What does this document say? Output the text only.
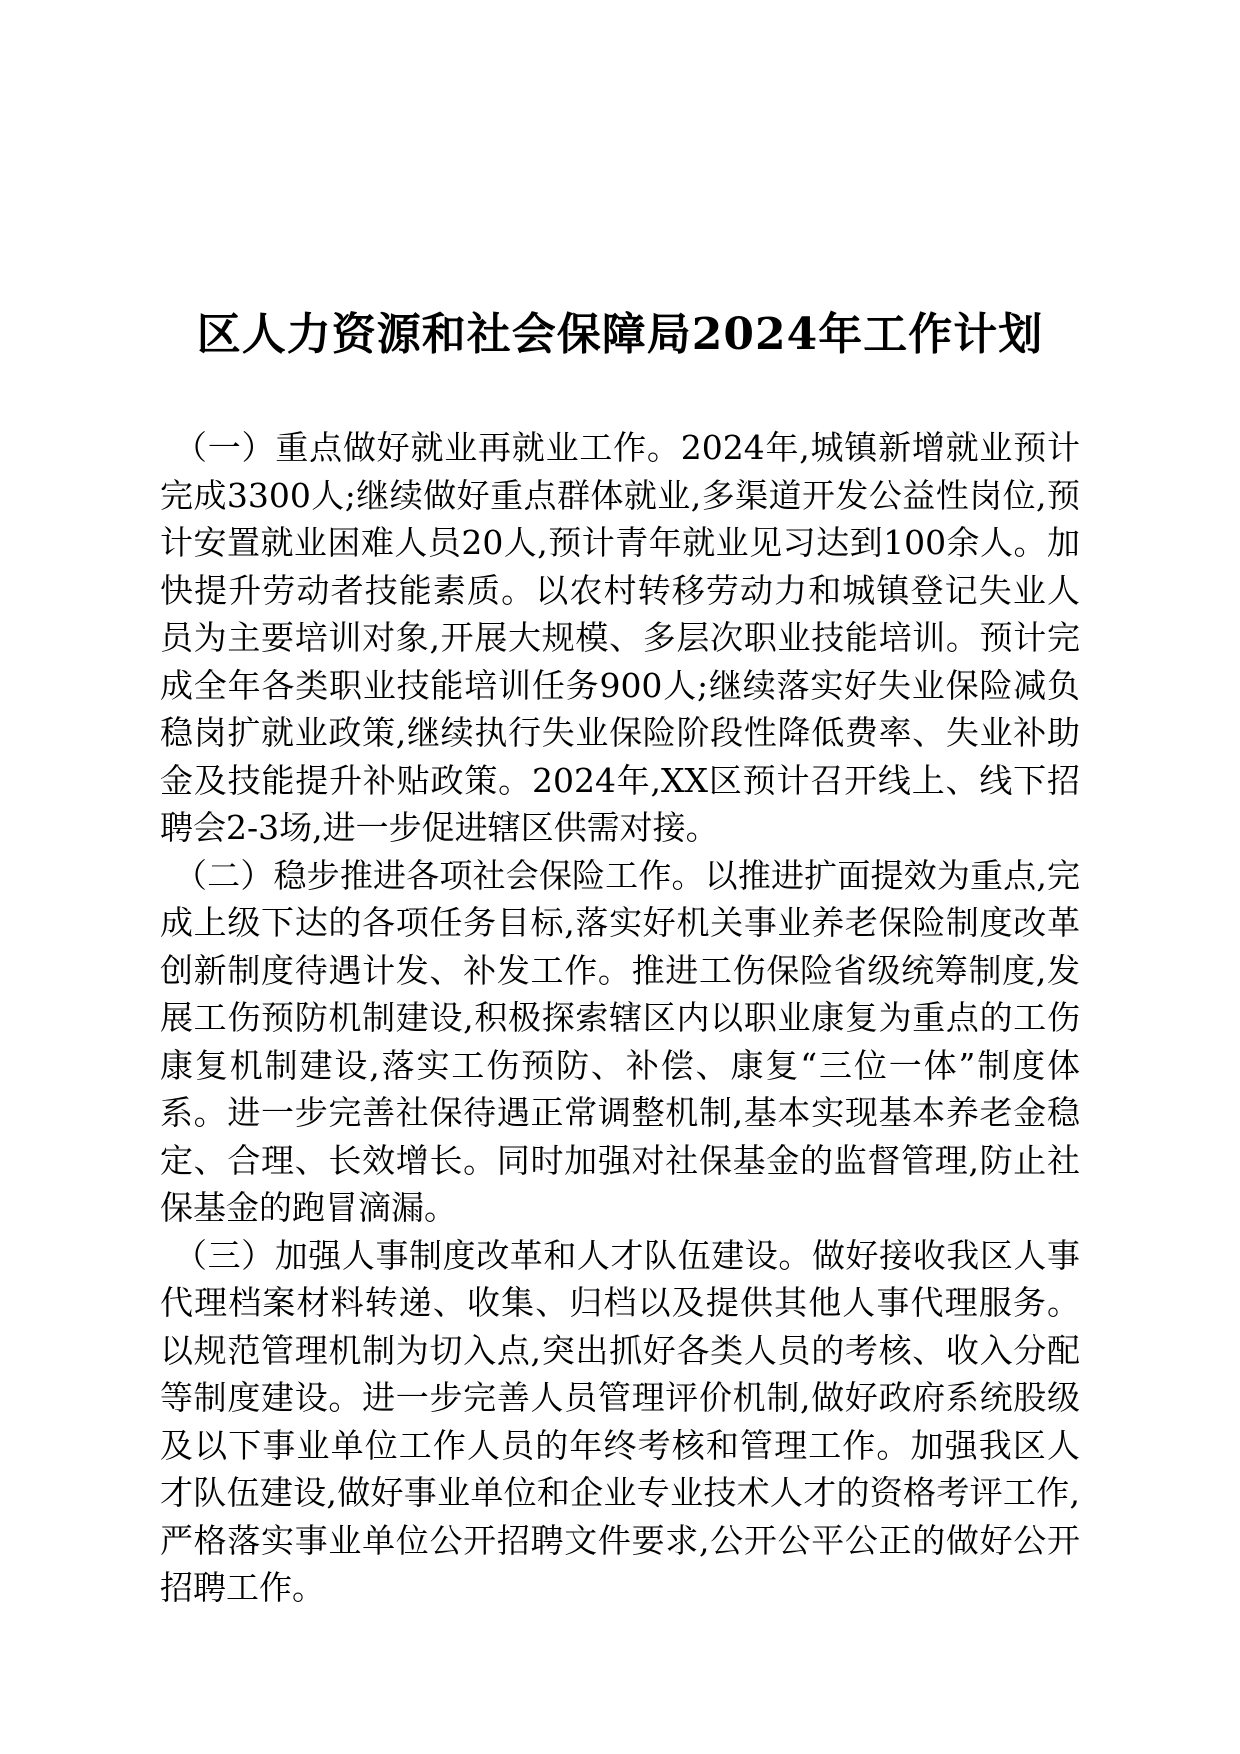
区人力资源和社会保障局2024年工作计划

（一）重点做好就业再就业工作。2024年,城镇新增就业预计完成3300人;继续做好重点群体就业,多渠道开发公益性岗位,预计安置就业困难人员20人,预计青年就业见习达到100余人。加快提升劳动者技能素质。以农村转移劳动力和城镇登记失业人员为主要培训对象,开展大规模、多层次职业技能培训。预计完成全年各类职业技能培训任务900人;继续落实好失业保险减负稳岗扩就业政策,继续执行失业保险阶段性降低费率、失业补助金及技能提升补贴政策。2024年,XX区预计召开线上、线下招聘会2-3场,进一步促进辖区供需对接。

（二）稳步推进各项社会保险工作。以推进扩面提效为重点,完成上级下达的各项任务目标,落实好机关事业养老保险制度改革创新制度待遇计发、补发工作。推进工伤保险省级统筹制度,发展工伤预防机制建设,积极探索辖区内以职业康复为重点的工伤康复机制建设,落实工伤预防、补偿、康复“三位一体”制度体系。进一步完善社保待遇正常调整机制,基本实现基本养老金稳定、合理、长效增长。同时加强对社保基金的监督管理,防止社保基金的跑冒滴漏。

（三）加强人事制度改革和人才队伍建设。做好接收我区人事代理档案材料转递、收集、归档以及提供其他人事代理服务。以规范管理机制为切入点,突出抓好各类人员的考核、收入分配等制度建设。进一步完善人员管理评价机制,做好政府系统股级及以下事业单位工作人员的年终考核和管理工作。加强我区人才队伍建设,做好事业单位和企业专业技术人才的资格考评工作,严格落实事业单位公开招聘文件要求,公开公平公正的做好公开招聘工作。
